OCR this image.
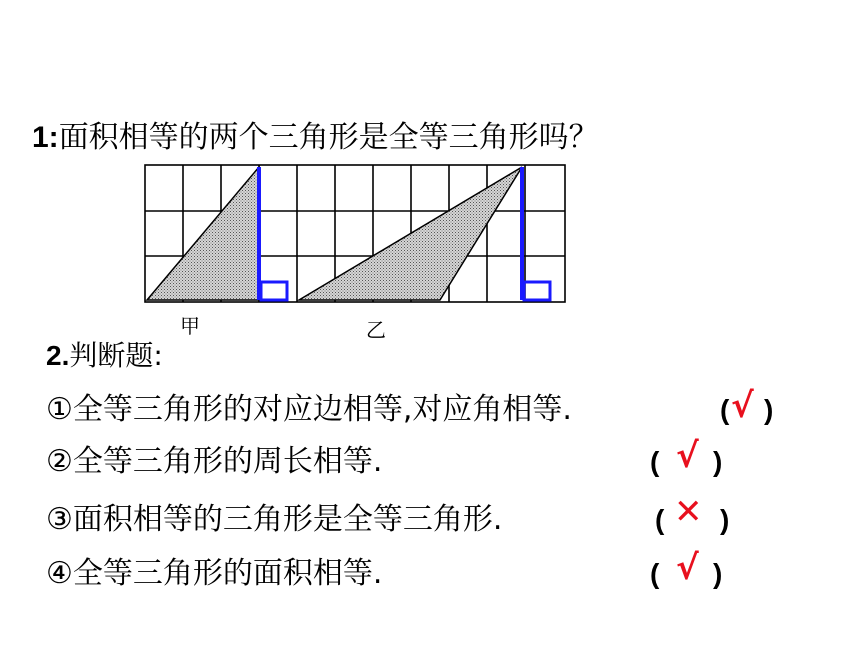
1:面积相等的两个三角形是全等三角形吗？
甲	乙
2.判断题:
①全等三角形的对应边相等,对应角相等.	( √ )
②全等三角形的周长相等.	( √ )
③面积相等的三角形是全等三角形.	( ✕ )
④全等三角形的面积相等.	( √ )
